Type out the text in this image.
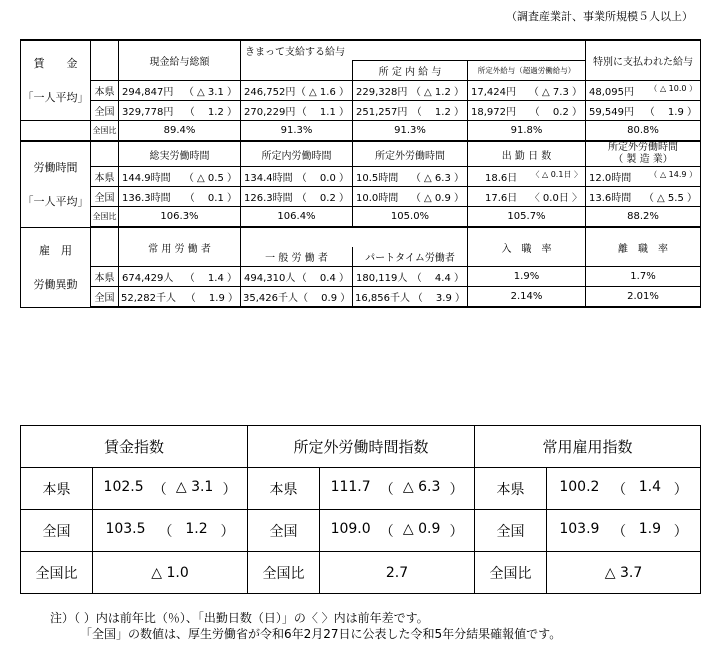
（調査産業計、事業所規模５人以上）
賃　　金

「一人平均」		現金給与総額	きまって支給する給与			特別に支払われた給与
				所 定 内 給 与	所定外給与（超過労働給与）	
	本県	294,847円 （ △ 3.1 ）	246,752円 （ △ 1.6 ）	229,328円 （ △ 1.2 ）	17,424円 （ △ 7.3 ）	48,095円 （ △ 10.0 ）

	全国	329,778円 （　 1.2 ）	270,229円 （　 1.1 ）	251,257円 （　 1.2 ）	18,972円 （　 0.2 ）	59,549円 （　 1.9 ）

	全国比	89.4%	91.3%	91.3%	91.8%	80.8%
労働時間

「一人平均」		総実労働時間	所定内労働時間	所定外労働時間	出 勤 日 数	所定外労働時間
（ 製 造 業）
	本県	144.9時間 （ △ 0.5 ）	134.4時間 （　 0.0 ）	10.5時間 （ △ 6.3 ）	18.6日 〈 △ 0.1日 〉	12.0時間 （ △ 14.9 ）

	全国	136.3時間 （　 0.1 ）	126.3時間 （　 0.2 ）	10.0時間 （ △ 0.9 ）	17.6日 〈 0.0日 〉	13.6時間 （ △ 5.5 ）

	全国比	106.3%	106.4%	105.0%	105.7%	88.2%
雇　用

労働異動		常 用 労 働 者			入　職　率	離　職　率
			一 般 労 働 者	パートタイム労働者		
	本県	674,429人 （　 1.4 ）	494,310人 （　 0.4 ）	180,119人 （　 4.4 ）	1.9%	1.7%
	全国	52,282千人 （　 1.9 ）	35,426千人 （　 0.9 ）	16,856千人 （　 3.9 ）	2.14%	2.01%
賃金指数		所定外労働時間指数		常用雇用指数	
本県	102.5 （ △ 3.1 ）	本県	111.7 （ △ 6.3 ）	本県	100.2 （ 1.4 ）

全国	103.5 （ 1.2 ）	全国	109.0 （ △ 0.9 ）	全国	103.9 （ 1.9 ）

全国比	△ 1.0	全国比	2.7	全国比	△ 3.7
注）（ ）内は前年比（％）、「出勤日数（日）」の〈 〉内は前年差です。
「全国」の数値は、厚生労働省が令和6年2月27日に公表した令和5年分結果確報値です。
